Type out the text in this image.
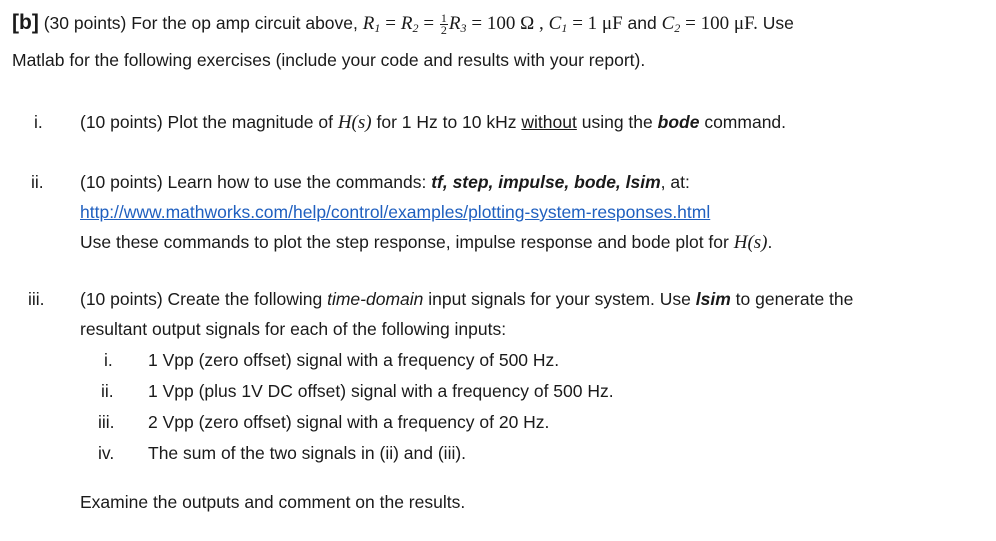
[b] (30 points) For the op amp circuit above, $R_1 = R_2 = \frac{1}{2} R_3 = 100$ Ω , $C_1 = 1$ μF and $C_2 = 100$ μF. Use
Matlab for the following exercises (include your code and results with your report).
i. (10 points) Plot the magnitude of H(s) for 1 Hz to 10 kHz without using the bode command.
ii. (10 points) Learn how to use the commands: tf, step, impulse, bode, lsim, at:
http://www.mathworks.com/help/control/examples/plotting-system-responses.html
Use these commands to plot the step response, impulse response and bode plot for H(s).
iii. (10 points) Create the following time-domain input signals for your system. Use lsim to generate the
resultant output signals for each of the following inputs:
i. 1 Vpp (zero offset) signal with a frequency of 500 Hz.
ii. 1 Vpp (plus 1V DC offset) signal with a frequency of 500 Hz.
iii. 2 Vpp (zero offset) signal with a frequency of 20 Hz.
iv. The sum of the two signals in (ii) and (iii).
Examine the outputs and comment on the results.
